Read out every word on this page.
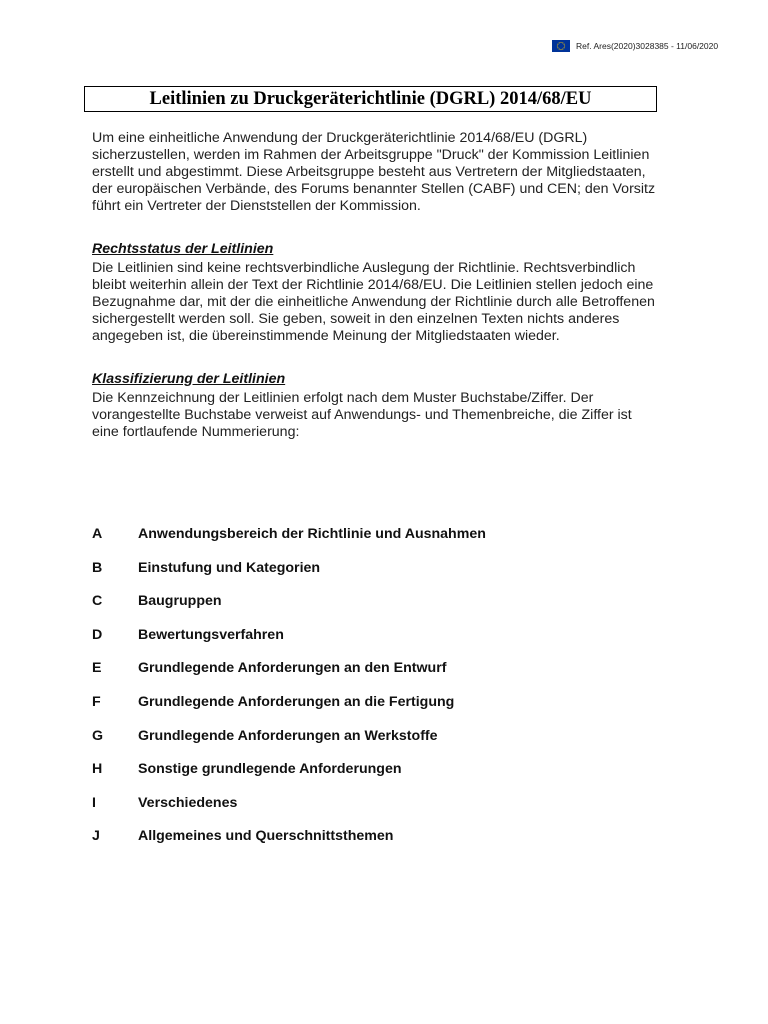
Ref. Ares(2020)3028385 - 11/06/2020
Leitlinien zu Druckgeräterichtlinie (DGRL) 2014/68/EU

Um eine einheitliche Anwendung der Druckgeräterichtlinie 2014/68/EU (DGRL) sicherzustellen, werden im Rahmen der Arbeitsgruppe "Druck" der Kommission Leitlinien erstellt und abgestimmt. Diese Arbeitsgruppe besteht aus Vertretern der Mitgliedstaaten, der europäischen Verbände, des Forums benannter Stellen (CABF) und CEN; den Vorsitz führt ein Vertreter der Dienststellen der Kommission.

Rechtsstatus der Leitlinien

Die Leitlinien sind keine rechtsverbindliche Auslegung der Richtlinie. Rechtsverbindlich bleibt weiterhin allein der Text der Richtlinie 2014/68/EU. Die Leitlinien stellen jedoch eine Bezugnahme dar, mit der die einheitliche Anwendung der Richtlinie durch alle Betroffenen sichergestellt werden soll. Sie geben, soweit in den einzelnen Texten nichts anderes angegeben ist, die übereinstimmende Meinung der Mitgliedstaaten wieder.

Klassifizierung der Leitlinien

Die Kennzeichnung der Leitlinien erfolgt nach dem Muster Buchstabe/Ziffer. Der vorangestellte Buchstabe verweist auf Anwendungs- und Themenbreiche, die Ziffer ist eine fortlaufende Nummerierung:

A	Anwendungsbereich der Richtlinie und Ausnahmen
B	Einstufung und Kategorien
C	Baugruppen
D	Bewertungsverfahren
E	Grundlegende Anforderungen an den Entwurf
F	Grundlegende Anforderungen an die Fertigung
G	Grundlegende Anforderungen an Werkstoffe
H	Sonstige grundlegende Anforderungen
I	Verschiedenes
J	Allgemeines und Querschnittsthemen
